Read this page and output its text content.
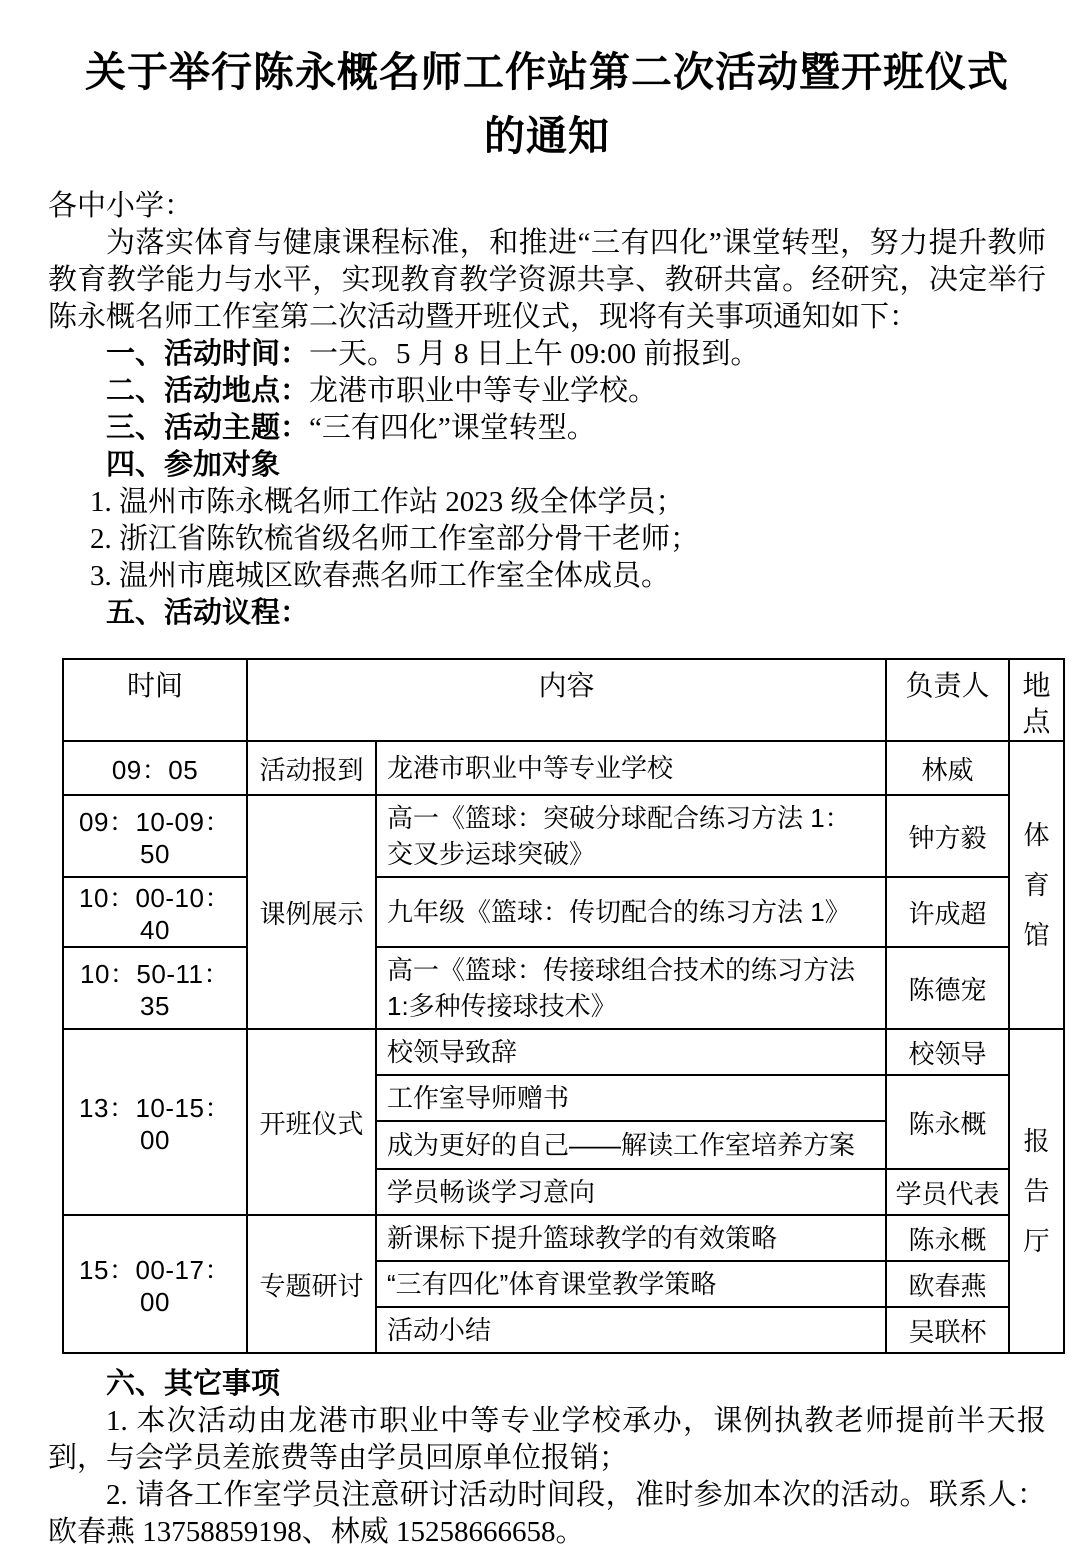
关于举行陈永概名师工作站第二次活动暨开班仪式
的通知

各中小学：

为落实体育与健康课程标准，和推进“三有四化”课堂转型，努力提升教师教育教学能力与水平，实现教育教学资源共享、教研共富。经研究，决定举行陈永概名师工作室第二次活动暨开班仪式，现将有关事项通知如下：

一、活动时间：一天。5 月 8 日上午 09:00 前报到。

二、活动地点：龙港市职业中等专业学校。

三、活动主题：“三有四化”课堂转型。

四、参加对象

1. 温州市陈永概名师工作站 2023 级全体学员；

2. 浙江省陈钦梳省级名师工作室部分骨干老师；

3. 温州市鹿城区欧春燕名师工作室全体成员。

五、活动议程：

时间	内容		负责人	地点
09：05	活动报到	龙港市职业中等专业学校	林威	体育馆
09：10-09：50	课例展示	高一《篮球：突破分球配合练习方法 1：交叉步运球突破》	钟方毅	
10：00-10：40		九年级《篮球：传切配合的练习方法 1》	许成超	
10：50-11：35		高一《篮球：传接球组合技术的练习方法 1:多种传接球技术》	陈德宠	
13：10-15：00	开班仪式	校领导致辞	校领导	报告厅
		工作室导师赠书	陈永概	
		成为更好的自己——解读工作室培养方案		
		学员畅谈学习意向	学员代表	
15：00-17：00	专题研讨	新课标下提升篮球教学的有效策略	陈永概	
		“三有四化”体育课堂教学策略	欧春燕	
		活动小结	吴联杯	

六、其它事项

1. 本次活动由龙港市职业中等专业学校承办，课例执教老师提前半天报到，与会学员差旅费等由学员回原单位报销；

2. 请各工作室学员注意研讨活动时间段，准时参加本次的活动。联系人：欧春燕 13758859198、林威 15258666658。
